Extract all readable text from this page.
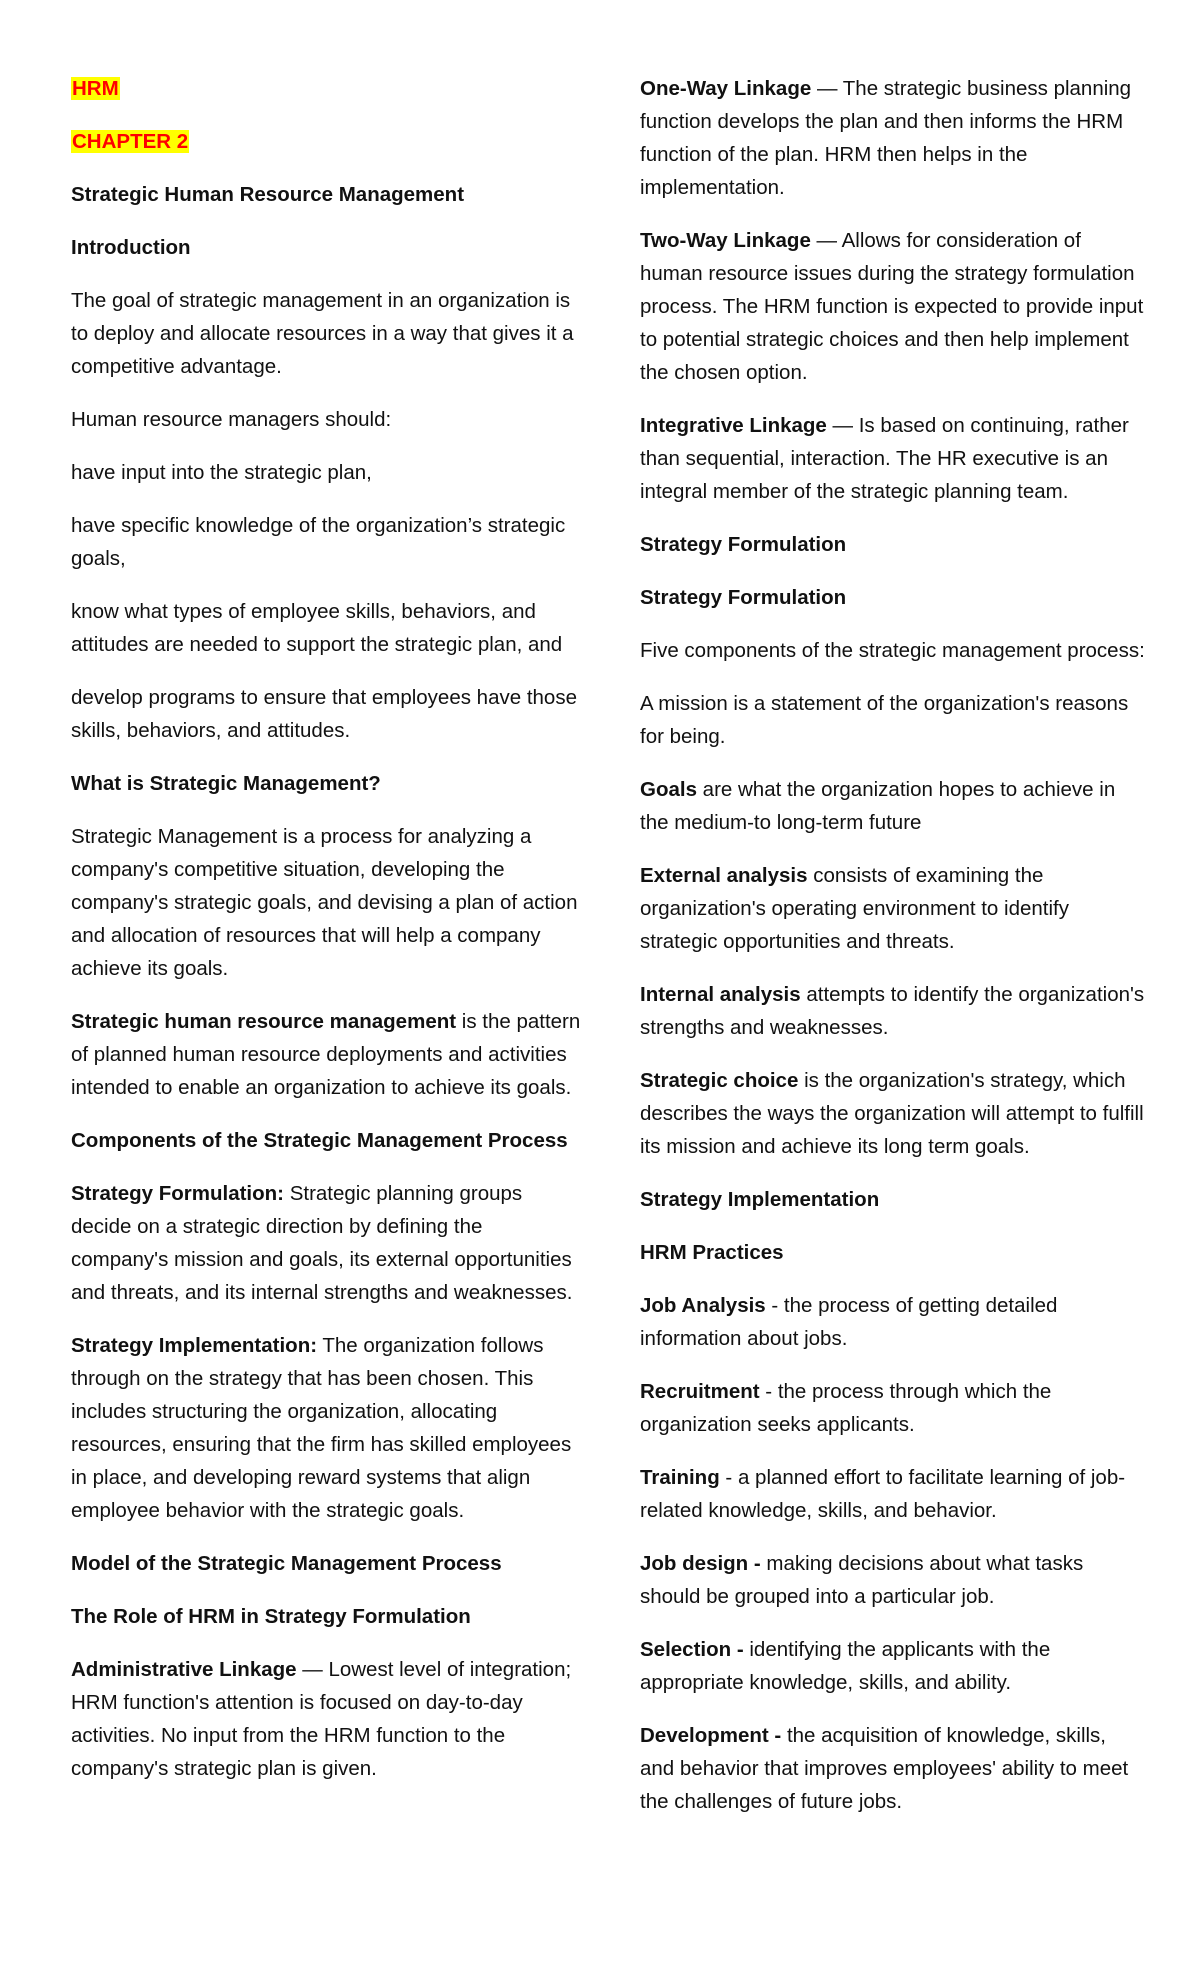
HRM

CHAPTER 2

Strategic Human Resource Management

Introduction

The goal of strategic management in an organization is to deploy and allocate resources in a way that gives it a competitive advantage.

Human resource managers should:

have input into the strategic plan,

have specific knowledge of the organization’s strategic goals,

know what types of employee skills, behaviors, and attitudes are needed to support the strategic plan, and

develop programs to ensure that employees have those skills, behaviors, and attitudes.

What is Strategic Management?

Strategic Management is a process for analyzing a company's competitive situation, developing the company's strategic goals, and devising a plan of action and allocation of resources that will help a company achieve its goals.

Strategic human resource management is the pattern of planned human resource deployments and activities intended to enable an organization to achieve its goals.

Components of the Strategic Management Process

Strategy Formulation: Strategic planning groups decide on a strategic direction by defining the company's mission and goals, its external opportunities and threats, and its internal strengths and weaknesses.

Strategy Implementation: The organization follows through on the strategy that has been chosen. This includes structuring the organization, allocating resources, ensuring that the firm has skilled employees in place, and developing reward systems that align employee behavior with the strategic goals.

Model of the Strategic Management Process

The Role of HRM in Strategy Formulation

Administrative Linkage — Lowest level of integration; HRM function's attention is focused on day-to-day activities. No input from the HRM function to the company's strategic plan is given.

One-Way Linkage — The strategic business planning function develops the plan and then informs the HRM function of the plan. HRM then helps in the implementation.

Two-Way Linkage — Allows for consideration of human resource issues during the strategy formulation process. The HRM function is expected to provide input to potential strategic choices and then help implement the chosen option.

Integrative Linkage — Is based on continuing, rather than sequential, interaction. The HR executive is an integral member of the strategic planning team.

Strategy Formulation

Strategy Formulation

Five components of the strategic management process:

A mission is a statement of the organization's reasons for being.

Goals are what the organization hopes to achieve in the medium-to long-term future

External analysis consists of examining the organization's operating environment to identify strategic opportunities and threats.

Internal analysis attempts to identify the organization's strengths and weaknesses.

Strategic choice is the organization's strategy, which describes the ways the organization will attempt to fulfill its mission and achieve its long term goals.

Strategy Implementation

HRM Practices

Job Analysis - the process of getting detailed information about jobs.

Recruitment - the process through which the organization seeks applicants.

Training - a planned effort to facilitate learning of job-related knowledge, skills, and behavior.

Job design - making decisions about what tasks should be grouped into a particular job.

Selection - identifying the applicants with the appropriate knowledge, skills, and ability.

Development - the acquisition of knowledge, skills, and behavior that improves employees' ability to meet the challenges of future jobs.
